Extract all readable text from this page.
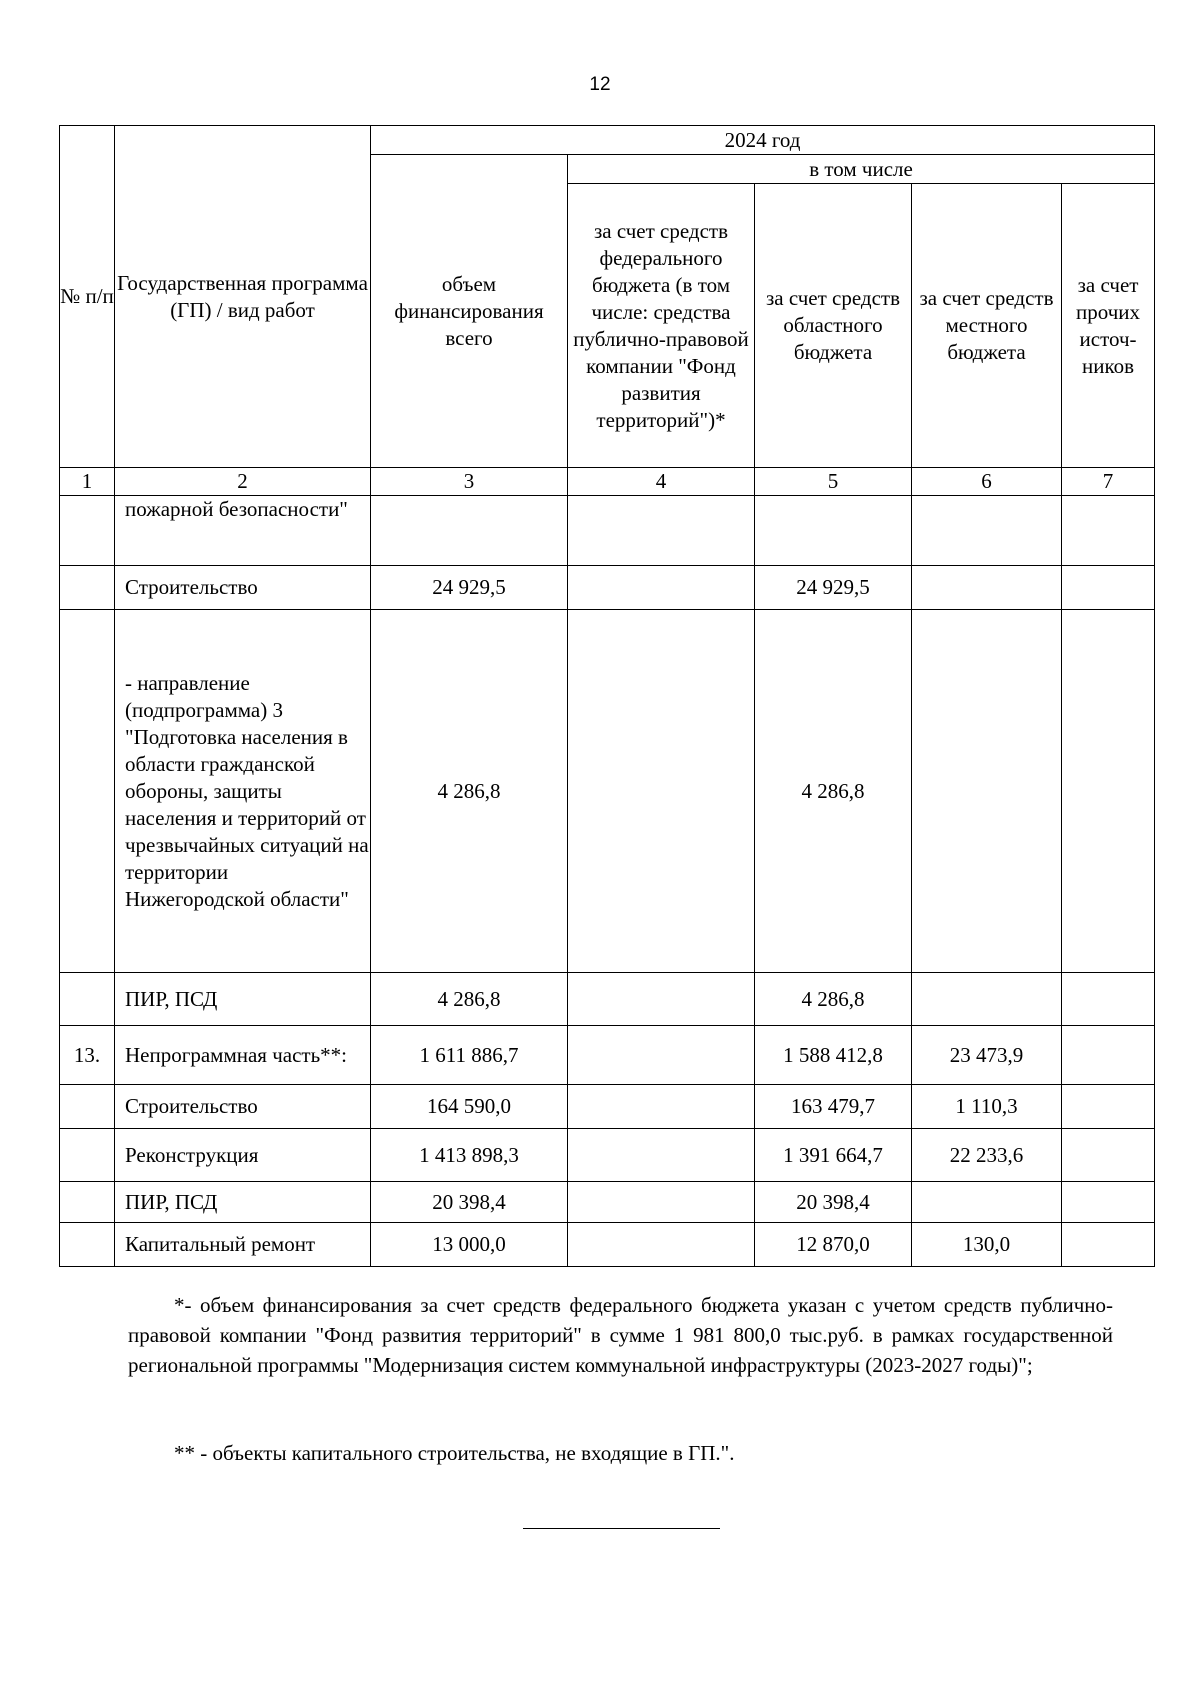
12
№ п/п	Государственная программа (ГП) / вид работ	2024 год				
		объем финансирования всего	в том числе			
			за счет средств федерального бюджета (в том числе: средства публично-правовой компании "Фонд развития территорий")*	за счет средств областного бюджета	за счет средств местного бюджета	за счет прочих источ-ников
1	2	3	4	5	6	7
	пожарной безопасности"					
	Строительство	24 929,5		24 929,5		
	- направление (подпрограмма) 3 "Подготовка населения в области гражданской обороны, защиты населения и территорий от чрезвычайных ситуаций на территории Нижегородской области"	4 286,8		4 286,8		
	ПИР, ПСД	4 286,8		4 286,8		
13.	Непрограммная часть**:	1 611 886,7		1 588 412,8	23 473,9	
	Строительство	164 590,0		163 479,7	1 110,3	
	Реконструкция	1 413 898,3		1 391 664,7	22 233,6	
	ПИР, ПСД	20 398,4		20 398,4		
	Капитальный ремонт	13 000,0		12 870,0	130,0	
*- объем финансирования за счет средств федерального бюджета указан с учетом средств публично-правовой компании "Фонд развития территорий" в сумме 1 981 800,0 тыс.руб. в рамках государственной региональной программы "Модернизация систем коммунальной инфраструктуры (2023-2027 годы)";
** - объекты капитального строительства, не входящие в ГП.".
